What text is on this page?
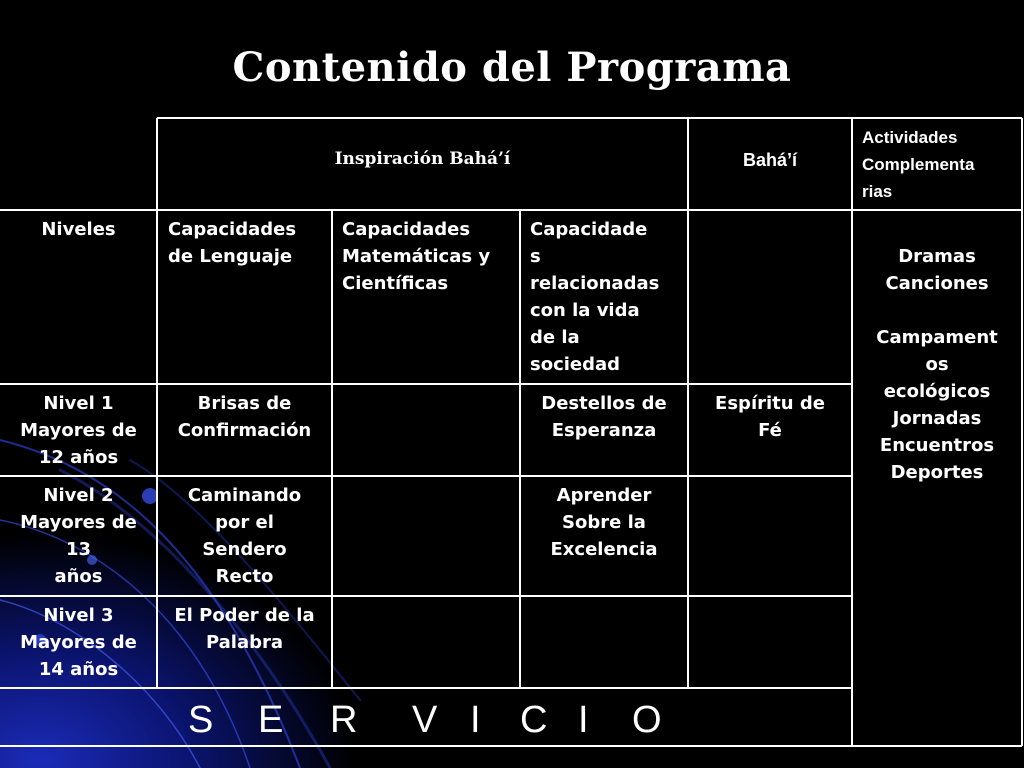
Contenido del Programa
Inspiración Bahá’í	Bahá’í
Actividades
Complementa
rias
Niveles	Capacidades
de Lenguaje
Capacidades
Matemáticas y
Científicas
Capacidade
s
relacionadas
con la vida
de la
sociedad
Nivel 1
Mayores de
12 años
Brisas de
Confirmación
Destellos de
Esperanza
Espíritu de
Fé
Nivel 2
Mayores de
13
años
Caminando
por el
Sendero
Recto
Aprender
Sobre la
Excelencia
Nivel 3
Mayores de
14 años
El Poder de la
Palabra
Dramas
Canciones

Campament
os
ecológicos
Jornadas
Encuentros
Deportes
S E R V I C I O
